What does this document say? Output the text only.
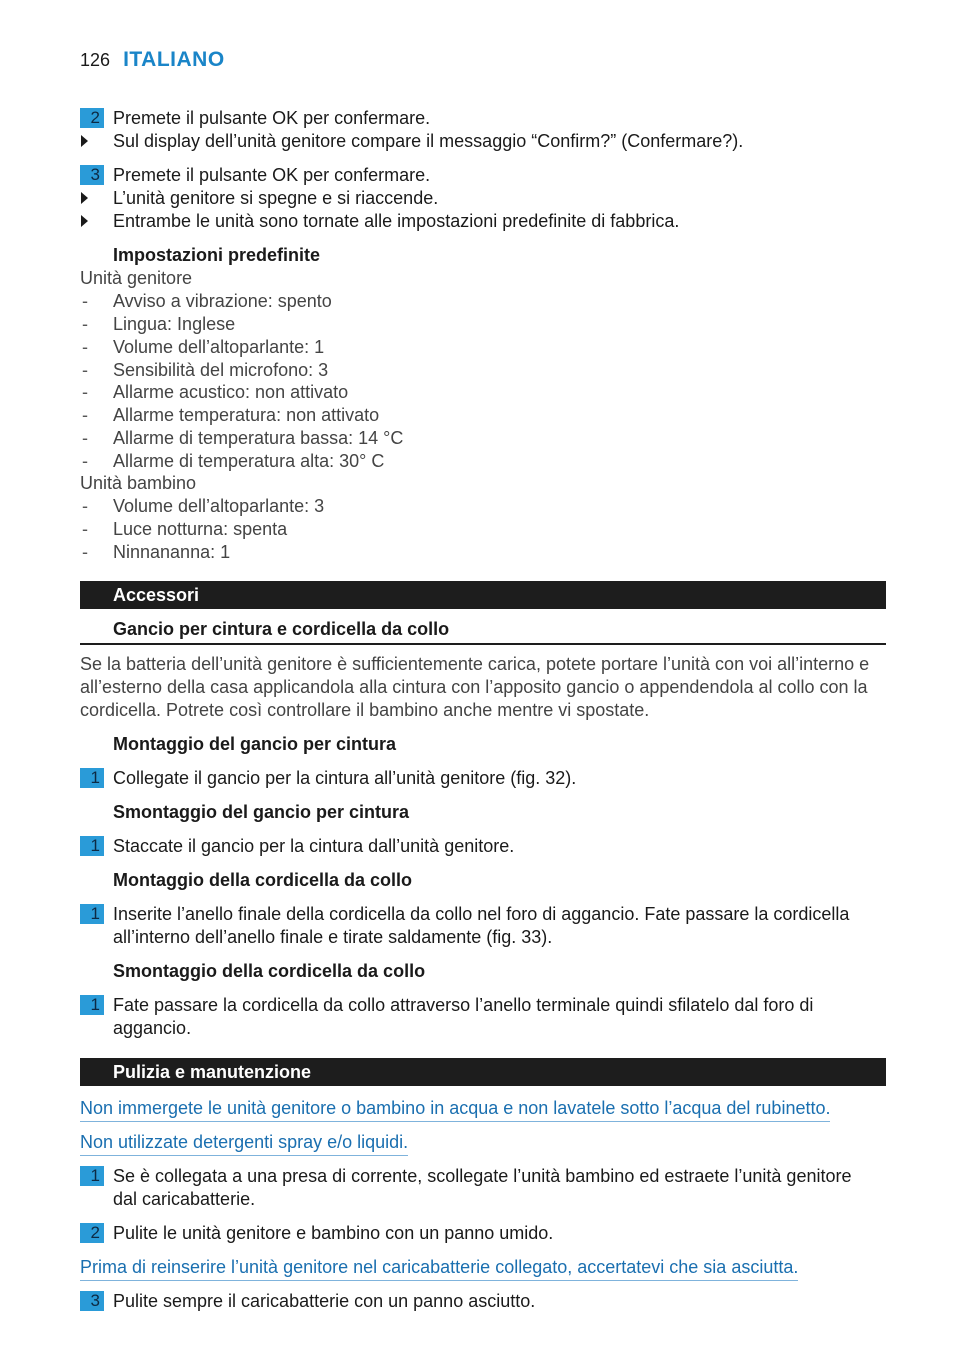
126 ITALIANO
2 Premete il pulsante OK per confermare.
Sul display dell’unità genitore compare il messaggio “Confirm?” (Confermare?).
3 Premete il pulsante OK per confermare.
L’unità genitore si spegne e si riaccende.
Entrambe le unità sono tornate alle impostazioni predefinite di fabbrica.
Impostazioni predefinite
Unità genitore
- Avviso a vibrazione: spento
- Lingua: Inglese
- Volume dell’altoparlante: 1
- Sensibilità del microfono: 3
- Allarme acustico: non attivato
- Allarme temperatura: non attivato
- Allarme di temperatura bassa: 14 °C
- Allarme di temperatura alta: 30° C
Unità bambino
- Volume dell’altoparlante: 3
- Luce notturna: spenta
- Ninnananna: 1
Accessori
Gancio per cintura e cordicella da collo
Se la batteria dell’unità genitore è sufficientemente carica, potete portare l’unità con voi all’interno e
all’esterno della casa applicandola alla cintura con l’apposito gancio o appendendola al collo con la
cordicella. Potrete così controllare il bambino anche mentre vi spostate.
Montaggio del gancio per cintura
1 Collegate il gancio per la cintura all’unità genitore (fig. 32).
Smontaggio del gancio per cintura
1 Staccate il gancio per la cintura dall’unità genitore.
Montaggio della cordicella da collo
1 Inserite l’anello finale della cordicella da collo nel foro di aggancio. Fate passare la cordicella
all’interno dell’anello finale e tirate saldamente (fig. 33).
Smontaggio della cordicella da collo
1 Fate passare la cordicella da collo attraverso l’anello terminale quindi sfilatelo dal foro di
aggancio.
Pulizia e manutenzione
Non immergete le unità genitore o bambino in acqua e non lavatele sotto l’acqua del rubinetto.
Non utilizzate detergenti spray e/o liquidi.
1 Se è collegata a una presa di corrente, scollegate l’unità bambino ed estraete l’unità genitore
dal caricabatterie.
2 Pulite le unità genitore e bambino con un panno umido.
Prima di reinserire l’unità genitore nel caricabatterie collegato, accertatevi che sia asciutta.
3 Pulite sempre il caricabatterie con un panno asciutto.
